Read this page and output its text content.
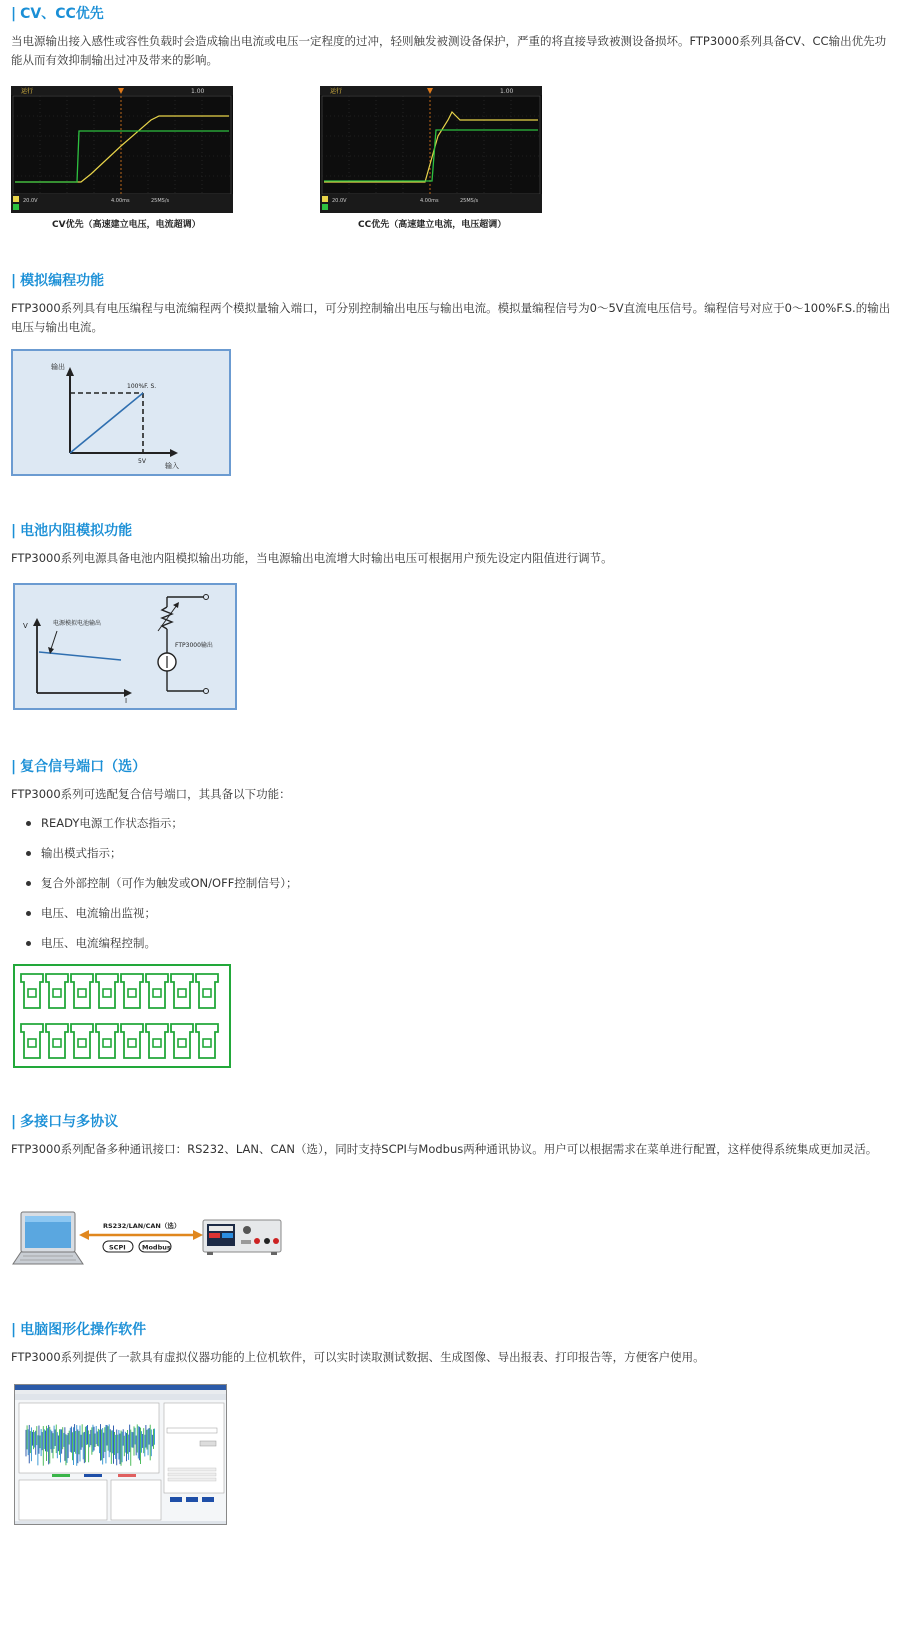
| CV、CC优先

当电源输出接入感性或容性负载时会造成输出电流或电压一定程度的过冲，轻则触发被测设备保护，严重的将直接导致被测设备损坏。FTP3000系列具备CV、CC输出优先功能从而有效抑制输出过冲及带来的影响。

运行	1.00
20.0V	4.00ms	25MS/s
CV优先（高速建立电压，电流超调）
运行	1.00
20.0V	4.00ms	25MS/s
CC优先（高速建立电流，电压超调）
| 模拟编程功能

FTP3000系列具有电压编程与电流编程两个模拟量输入端口，可分别控制输出电压与输出电流。模拟量编程信号为0～5V直流电压信号。编程信号对应于0～100%F.S.的输出电压与输出电流。

输出
100%F. S.
5V
输入
| 电池内阻模拟功能

FTP3000系列电源具备电池内阻模拟输出功能，当电源输出电流增大时输出电压可根据用户预先设定内阻值进行调节。

V
I
电源模拟电池输出
FTP3000输出
| 复合信号端口（选）

FTP3000系列可选配复合信号端口，其具备以下功能：

READY电源工作状态指示；
输出模式指示；
复合外部控制（可作为触发或ON/OFF控制信号）；
电压、电流输出监视；
电压、电流编程控制。
| 多接口与多协议

FTP3000系列配备多种通讯接口：RS232、LAN、CAN（选），同时支持SCPI与Modbus两种通讯协议。用户可以根据需求在菜单进行配置，这样使得系统集成更加灵活。

RS232/LAN/CAN（选）
SCPI	Modbus
| 电脑图形化操作软件

FTP3000系列提供了一款具有虚拟仪器功能的上位机软件，可以实时读取测试数据、生成图像、导出报表、打印报告等，方便客户使用。
